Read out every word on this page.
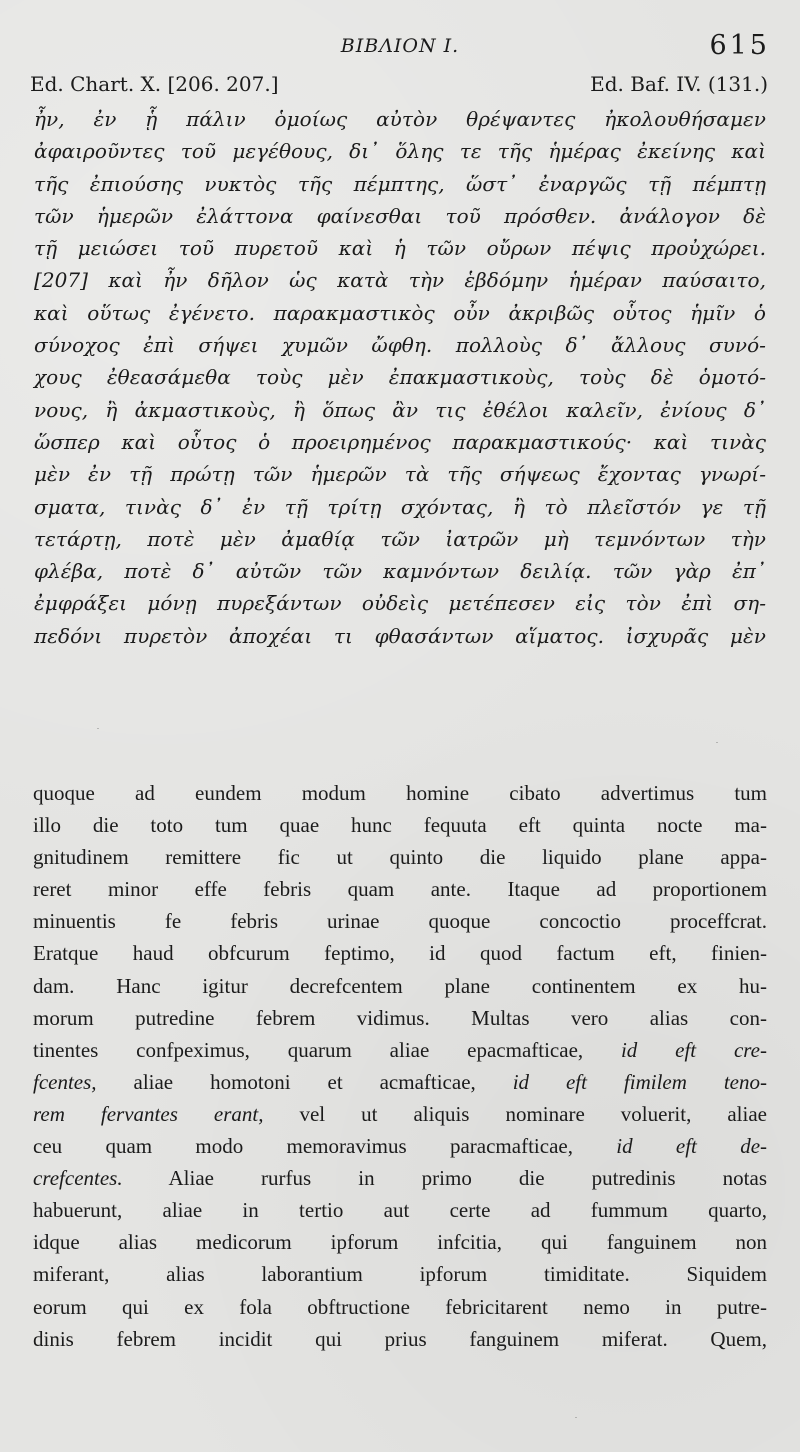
BIBΛIΟN I.	615
Ed. Chart. X. [206. 207.]	Ed. Baf. IV. (131.)
ἦν, ἐν ᾗ πάλιν ὁμοίως αὐτὸν θρέψαντες ἠκολουθήσαμεν
ἀφαιροῦντες τοῦ μεγέθους, δι᾽ ὅλης τε τῆς ἡμέρας ἐκείνης καὶ
τῆς ἐπιούσης νυκτὸς τῆς πέμπτης, ὥστ᾽ ἐναργῶς τῇ πέμπτῃ
τῶν ἡμερῶν ἐλάττονα φαίνεσθαι τοῦ πρόσθεν. ἀνάλογον δὲ
τῇ μειώσει τοῦ πυρετοῦ καὶ ἡ τῶν οὔρων πέψις προὐχώρει.
[207] καὶ ἦν δῆλον ὡς κατὰ τὴν ἑβδόμην ἡμέραν παύσαιτο,
καὶ οὕτως ἐγένετο. παρακμαστικὸς οὖν ἀκριβῶς οὗτος ἡμῖν ὁ
σύνοχος ἐπὶ σήψει χυμῶν ὤφθη. πολλοὺς δ᾽ ἄλλους συνό-
χους ἐθεασάμεθα τοὺς μὲν ἐπακμαστικοὺς, τοὺς δὲ ὁμοτό-
νους, ἢ ἀκμαστικοὺς, ἢ ὅπως ἂν τις ἐθέλοι καλεῖν, ἐνίους δ᾽
ὥσπερ καὶ οὗτος ὁ προειρημένος παρακμαστικούς· καὶ τινὰς
μὲν ἐν τῇ πρώτῃ τῶν ἡμερῶν τὰ τῆς σήψεως ἔχοντας γνωρί-
σματα, τινὰς δ᾽ ἐν τῇ τρίτῃ σχόντας, ἢ τὸ πλεῖστόν γε τῇ
τετάρτῃ, ποτὲ μὲν ἀμαθίᾳ τῶν ἰατρῶν μὴ τεμνόντων τὴν
φλέβα, ποτὲ δ᾽ αὐτῶν τῶν καμνόντων δειλίᾳ. τῶν γὰρ ἐπ᾽
ἐμφράξει μόνῃ πυρεξάντων οὐδεὶς μετέπεσεν εἰς τὸν ἐπὶ ση-
πεδόνι πυρετὸν ἀποχέαι τι φθασάντων αἵματος. ἰσχυρᾶς μὲν
quoque ad eundem modum homine cibato advertimus tum
illo die toto tum quae hunc fequuta eft quinta nocte ma-
gnitudinem remittere fic ut quinto die liquido plane appa-
reret minor effe febris quam ante. Itaque ad proportionem
minuentis fe febris urinae quoque concoctio proceffcrat.
Eratque haud obfcurum feptimo, id quod factum eft, finien-
dam. Hanc igitur decrefcentem plane continentem ex hu-
morum putredine febrem vidimus. Multas vero alias con-
tinentes confpeximus, quarum aliae epacmafticae, id eft cre-
fcentes, aliae homotoni et acmafticae, id eft fimilem teno-
rem fervantes erant, vel ut aliquis nominare voluerit, aliae
ceu quam modo memoravimus paracmafticae, id eft de-
crefcentes. Aliae rurfus in primo die putredinis notas
habuerunt, aliae in tertio aut certe ad fummum quarto,
idque alias medicorum ipforum infcitia, qui fanguinem non
miferant, alias laborantium ipforum timiditate. Siquidem
eorum qui ex fola obftructione febricitarent nemo in putre-
dinis febrem incidit qui prius fanguinem miferat. Quem,
